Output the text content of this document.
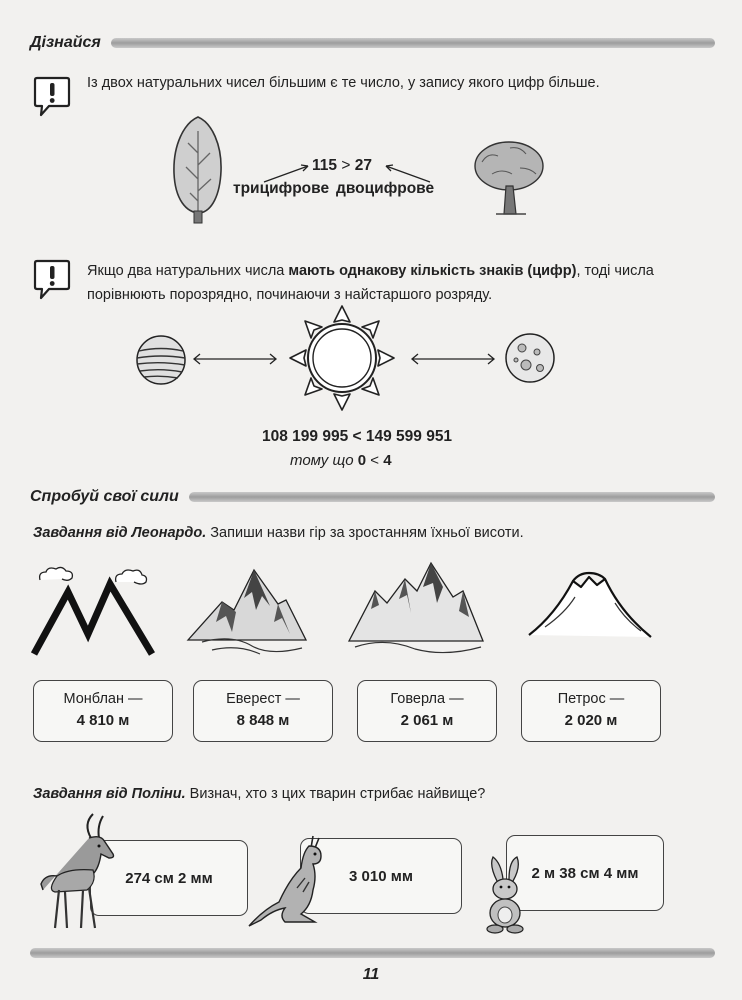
Дізнайся
Із двох натуральних чисел більшим є те число, у запису якого цифр більше.
115 > 27
трицифрове двоцифрове
Якщо два натуральних числа мають однакову кількість знаків (цифр), тоді числа порівнюють порозрядно, починаючи з найстаршого розряду.
108 199 995 < 149 599 951
тому що 0 < 4
Спробуй свої сили
Завдання від Леонардо. Запиши назви гір за зростанням їхньої висоти.
Монблан —
4 810 м
Еверест —
8 848 м
Говерла —
2 061 м
Петрос —
2 020 м
Завдання від Поліни. Визнач, хто з цих тварин стрибає найвище?
274 см 2 мм	3 010 мм	2 м 38 см 4 мм
11
